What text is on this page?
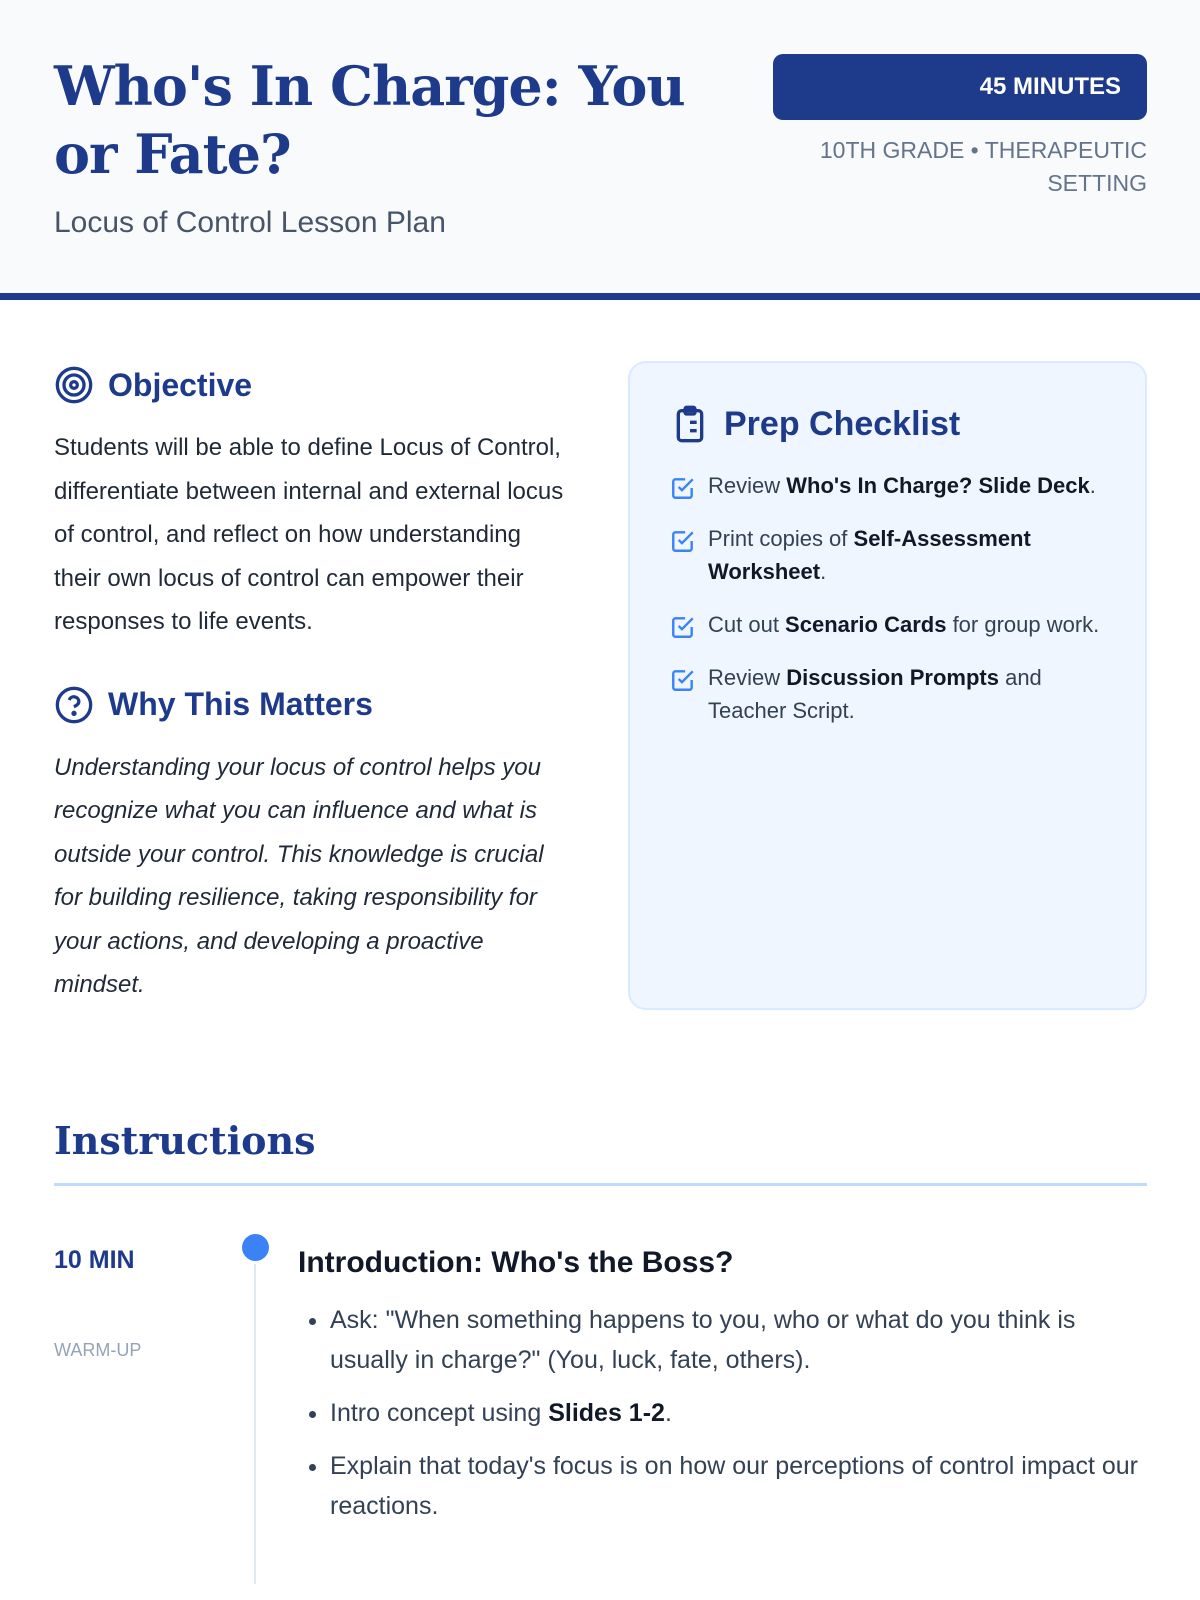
Who's In Charge: You or Fate?
Locus of Control Lesson Plan
45 MINUTES
10TH GRADE • THERAPEUTIC SETTING
Objective

Students will be able to define Locus of Control, differentiate between internal and external locus of control, and reflect on how understanding their own locus of control can empower their responses to life events.

Why This Matters

Understanding your locus of control helps you recognize what you can influence and what is outside your control. This knowledge is crucial for building resilience, taking responsibility for your actions, and developing a proactive mindset.

Prep Checklist
Review Who's In Charge? Slide Deck.
Print copies of Self-Assessment Worksheet.
Cut out Scenario Cards for group work.
Review Discussion Prompts and Teacher Script.
Instructions
10 MIN
WARM-UP
Introduction: Who's the Boss?
• Ask: "When something happens to you, who or what do you think is usually in charge?" (You, luck, fate, others).
• Intro concept using Slides 1-2.
• Explain that today's focus is on how our perceptions of control impact our reactions.
